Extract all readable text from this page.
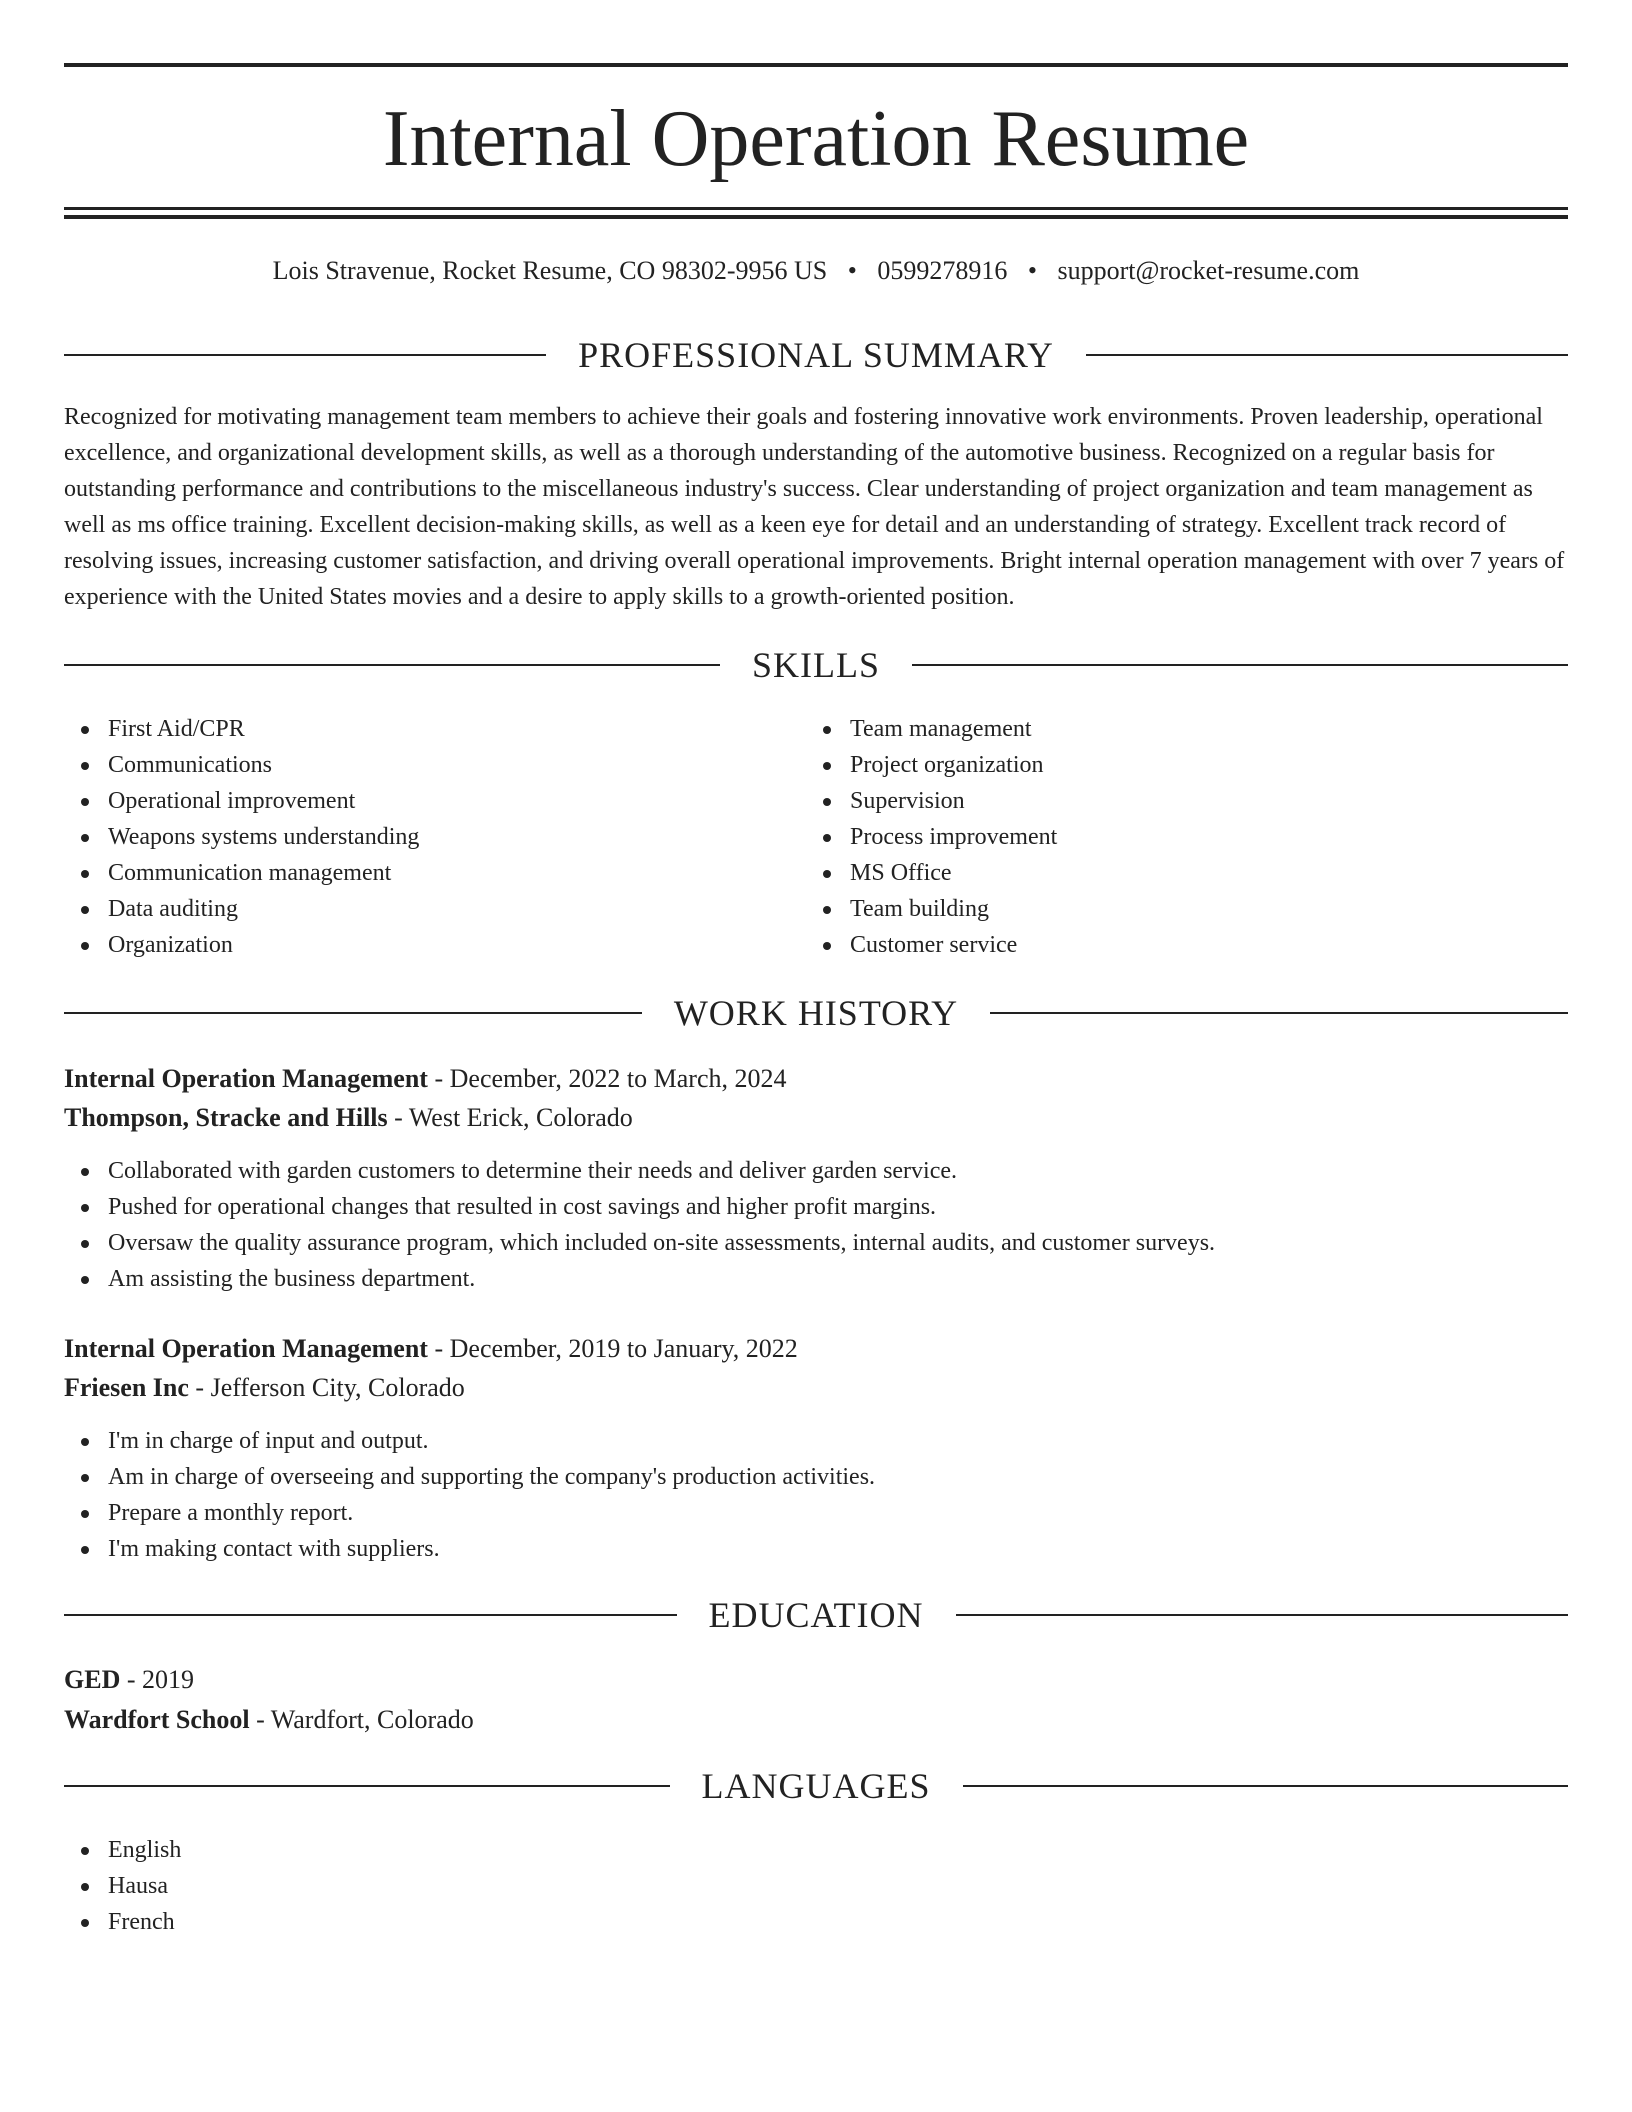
Internal Operation Resume
Lois Stravenue, Rocket Resume, CO 98302-9956 US • 0599278916 • support@rocket-resume.com
PROFESSIONAL SUMMARY

Recognized for motivating management team members to achieve their goals and fostering innovative work environments. Proven leadership, operational excellence, and organizational development skills, as well as a thorough understanding of the automotive business. Recognized on a regular basis for outstanding performance and contributions to the miscellaneous industry's success. Clear understanding of project organization and team management as well as ms office training. Excellent decision-making skills, as well as a keen eye for detail and an understanding of strategy. Excellent track record of resolving issues, increasing customer satisfaction, and driving overall operational improvements. Bright internal operation management with over 7 years of experience with the United States movies and a desire to apply skills to a growth-oriented position.

SKILLS
First Aid/CPR
Communications
Operational improvement
Weapons systems understanding
Communication management
Data auditing
Organization
Team management
Project organization
Supervision
Process improvement
MS Office
Team building
Customer service
WORK HISTORY
Internal Operation Management - December, 2022 to March, 2024
Thompson, Stracke and Hills - West Erick, Colorado
Collaborated with garden customers to determine their needs and deliver garden service.
Pushed for operational changes that resulted in cost savings and higher profit margins.
Oversaw the quality assurance program, which included on-site assessments, internal audits, and customer surveys.
Am assisting the business department.
Internal Operation Management - December, 2019 to January, 2022
Friesen Inc - Jefferson City, Colorado
I'm in charge of input and output.
Am in charge of overseeing and supporting the company's production activities.
Prepare a monthly report.
I'm making contact with suppliers.
EDUCATION
GED - 2019
Wardfort School - Wardfort, Colorado
LANGUAGES
English
Hausa
French
